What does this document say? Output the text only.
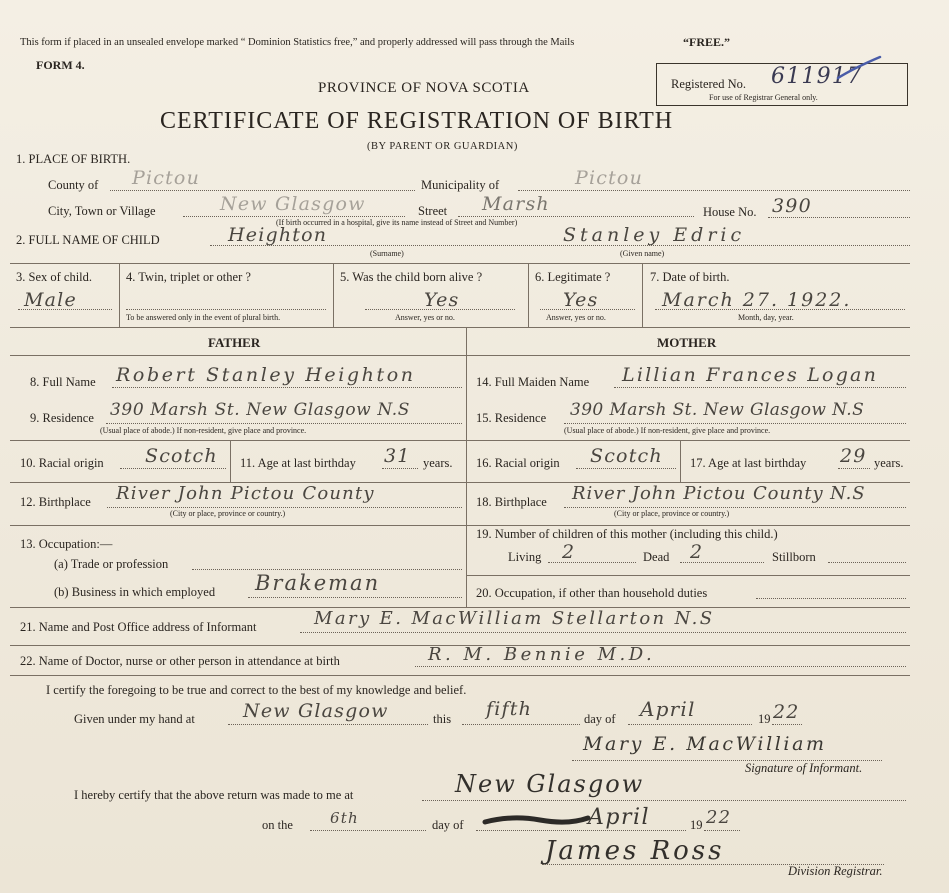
This form if placed in an unsealed envelope marked “ Dominion Statistics free,” and properly addressed will pass through the Mails	“FREE.”
FORM 4.
PROVINCE OF NOVA SCOTIA
CERTIFICATE OF REGISTRATION OF BIRTH
(BY PARENT OR GUARDIAN)
Registered No. 611917
For use of Registrar General only.
1. PLACE OF BIRTH.
County of Pictou	Municipality of	Pictou
City, Town or Village	New Glasgow	Street Marsh	House No. 390
(If birth occurred in a hospital, give its name instead of Street and Number)
2. FULL NAME OF CHILD	Heighton	Stanley Edric
(Surname)	(Given name)
3. Sex of child.
Male
4. Twin, triplet or other ?
To be answered only in the event of plural birth.
5. Was the child born alive ?
Yes
Answer, yes or no.
6. Legitimate ?
Yes
Answer, yes or no.
7. Date of birth.
March 27. 1922.
Month, day, year.
FATHER	MOTHER
8. Full Name Robert Stanley Heighton
9. Residence 390 Marsh St. New Glasgow N.S
(Usual place of abode.) If non-resident, give place and province.
10. Racial origin Scotch 11. Age at last birthday 31 years.
12. Birthplace River John Pictou County
(City or place, province or country.)
13. Occupation:—
(a) Trade or profession
(b) Business in which employed Brakeman
14. Full Maiden Name Lillian Frances Logan
15. Residence 390 Marsh St. New Glasgow N.S
(Usual place of abode.) If non-resident, give place and province.
16. Racial origin Scotch 17. Age at last birthday 29 years.
18. Birthplace River John Pictou County N.S
(City or place, province or country.)
19. Number of children of this mother (including this child.)
Living 2	Dead 2	Stillborn
20. Occupation, if other than household duties
21. Name and Post Office address of Informant	Mary E. MacWilliam Stellarton N.S
22. Name of Doctor, nurse or other person in attendance at birth	R. M. Bennie M.D.
I certify the foregoing to be true and correct to the best of my knowledge and belief.
Given under my hand at	New Glasgow	this fifth	day of April	19 22
Mary E. MacWilliam
Signature of Informant.
I hereby certify that the above return was made to me at	New Glasgow
on the 6th	day of	April	19 22
James Ross
Division Registrar.
